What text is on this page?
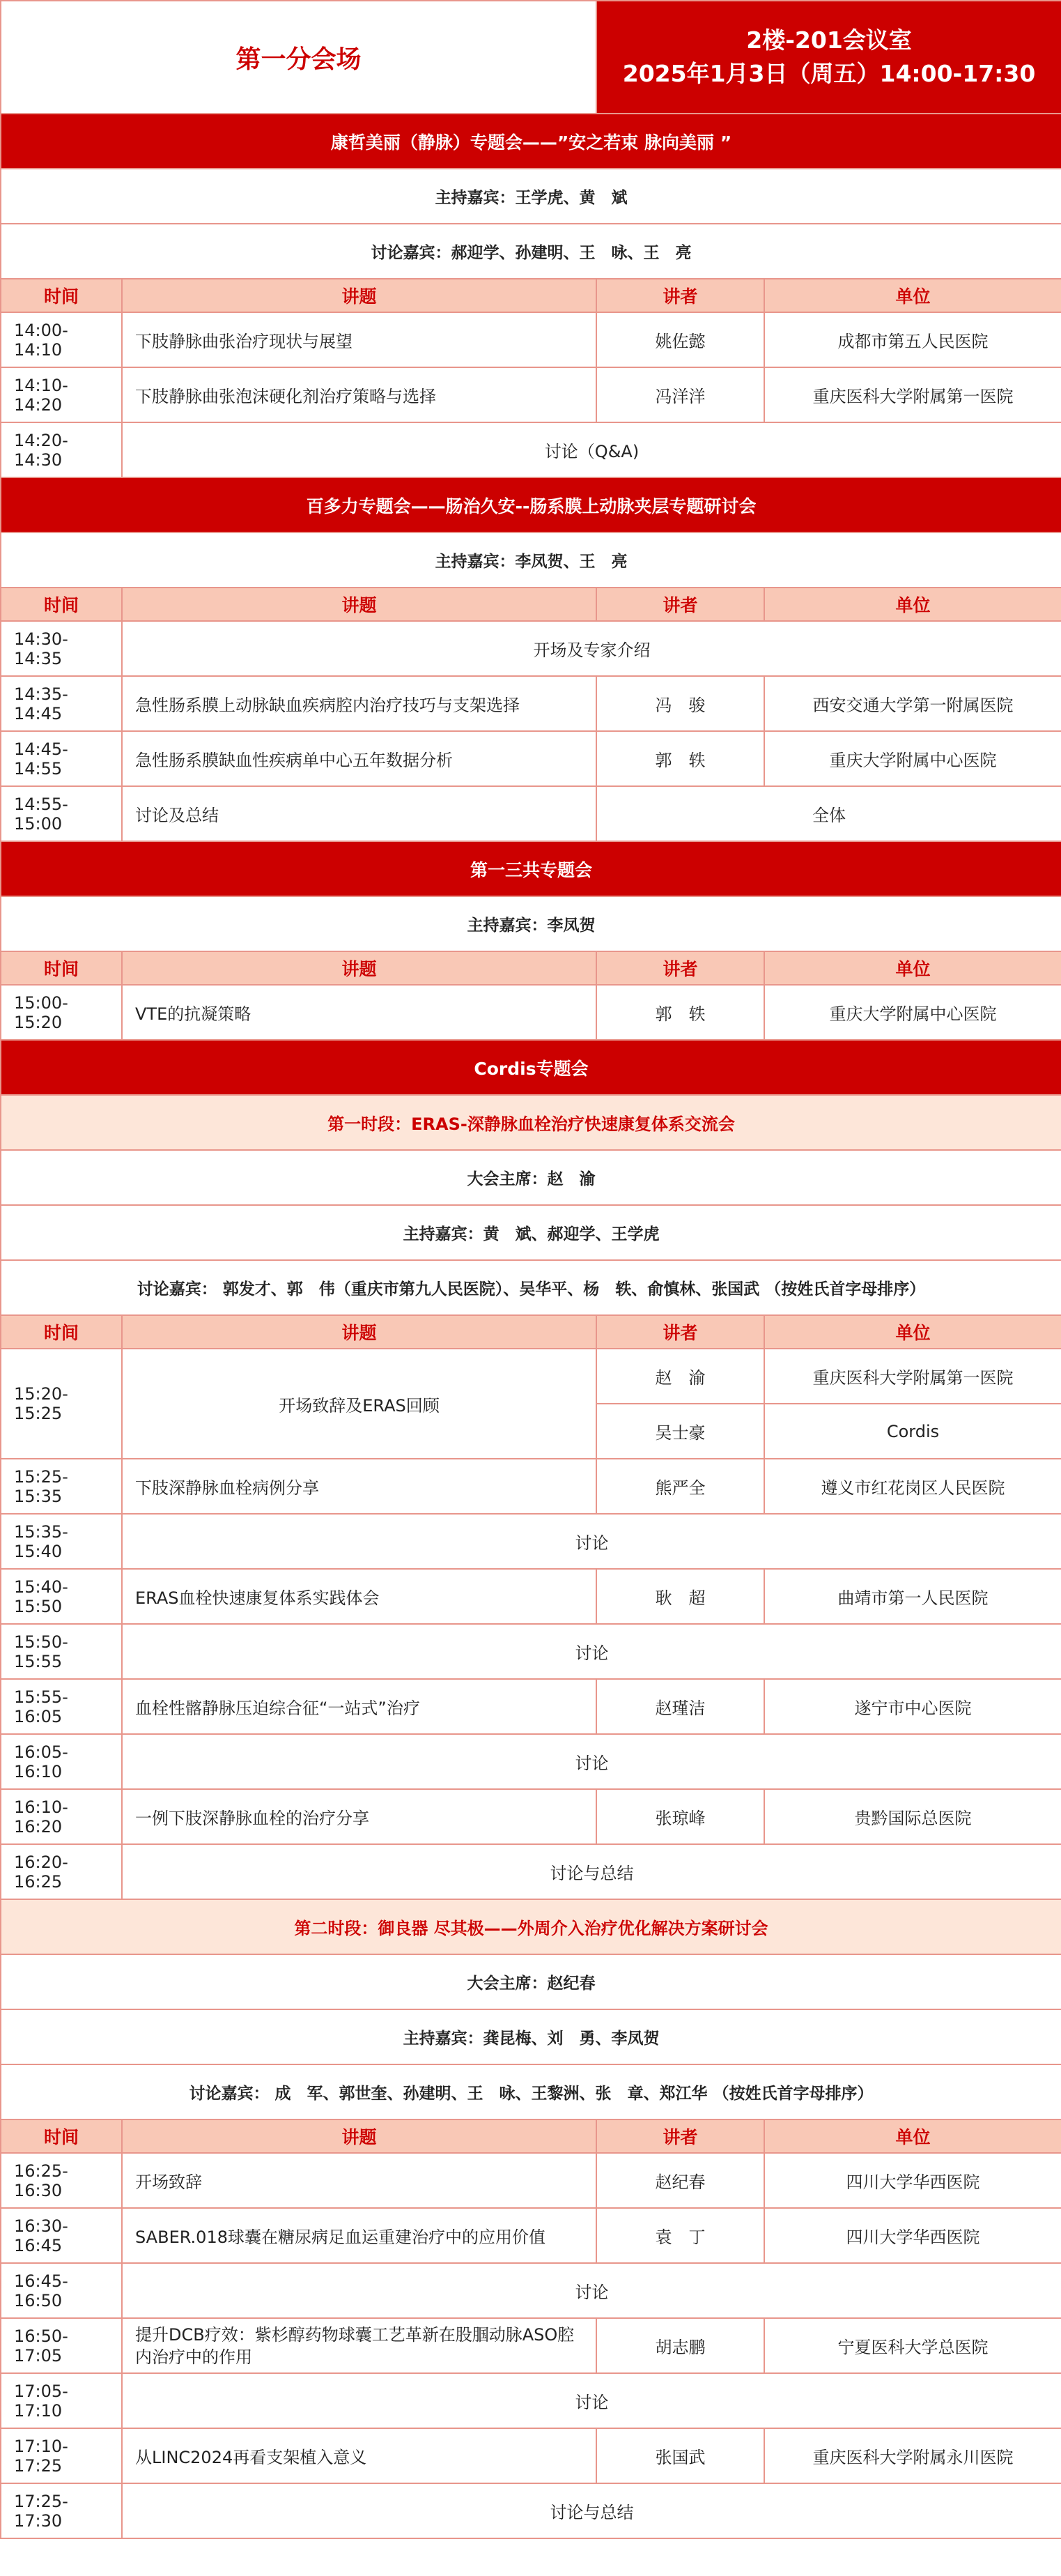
第一分会场		2楼-201会议室
2025年1月3日（周五）14:00-17:30	

康哲美丽（静脉）专题会——”安之若束 脉向美丽 ”			
主持嘉宾：王学虎、黄　斌			
讨论嘉宾：郝迎学、孙建明、王　咏、王　亮			
时间	讲题	讲者	单位
14:00-14:10	下肢静脉曲张治疗现状与展望	姚佐懿	成都市第五人民医院
14:10-14:20	下肢静脉曲张泡沫硬化剂治疗策略与选择	冯洋洋	重庆医科大学附属第一医院
14:20-14:30	讨论（Q&A)		
百多力专题会——肠治久安--肠系膜上动脉夹层专题研讨会			
主持嘉宾：李凤贺、王　亮			
时间	讲题	讲者	单位
14:30-14:35	开场及专家介绍		
14:35-14:45	急性肠系膜上动脉缺血疾病腔内治疗技巧与支架选择	冯　骏	西安交通大学第一附属医院
14:45-14:55	急性肠系膜缺血性疾病单中心五年数据分析	郭　轶	重庆大学附属中心医院
14:55-15:00	讨论及总结	全体	
第一三共专题会			
主持嘉宾：李凤贺			
时间	讲题	讲者	单位
15:00-15:20	VTE的抗凝策略	郭　轶	重庆大学附属中心医院
Cordis专题会			
第一时段：ERAS-深静脉血栓治疗快速康复体系交流会			
大会主席：赵　渝			
主持嘉宾：黄　斌、郝迎学、王学虎			
讨论嘉宾： 郭发才、郭　伟（重庆市第九人民医院）、吴华平、杨　轶、俞慎林、张国武 （按姓氏首字母排序）			
时间	讲题	讲者	单位
15:20-15:25	开场致辞及ERAS回顾	赵　渝	重庆医科大学附属第一医院
		吴士豪	Cordis
15:25-15:35	下肢深静脉血栓病例分享	熊严全	遵义市红花岗区人民医院
15:35-15:40	讨论		
15:40-15:50	ERAS血栓快速康复体系实践体会	耿　超	曲靖市第一人民医院
15:50-15:55	讨论		
15:55-16:05	血栓性髂静脉压迫综合征“一站式”治疗	赵瑾洁	遂宁市中心医院
16:05-16:10	讨论		
16:10-16:20	一例下肢深静脉血栓的治疗分享	张琼峰	贵黔国际总医院
16:20-16:25	讨论与总结		
第二时段：御良器 尽其极——外周介入治疗优化解决方案研讨会			
大会主席：赵纪春			
主持嘉宾：龚昆梅、刘　勇、李凤贺			
讨论嘉宾： 成　军、郭世奎、孙建明、王　咏、王黎洲、张　章、郑江华 （按姓氏首字母排序）			
时间	讲题	讲者	单位
16:25-16:30	开场致辞	赵纪春	四川大学华西医院
16:30-16:45	SABER.018球囊在糖尿病足血运重建治疗中的应用价值	袁　丁	四川大学华西医院
16:45-16:50	讨论		
16:50-17:05	提升DCB疗效：紫杉醇药物球囊工艺革新在股腘动脉ASO腔内治疗中的作用	胡志鹏	宁夏医科大学总医院
17:05-17:10	讨论		
17:10-17:25	从LINC2024再看支架植入意义	张国武	重庆医科大学附属永川医院
17:25-17:30	讨论与总结		
